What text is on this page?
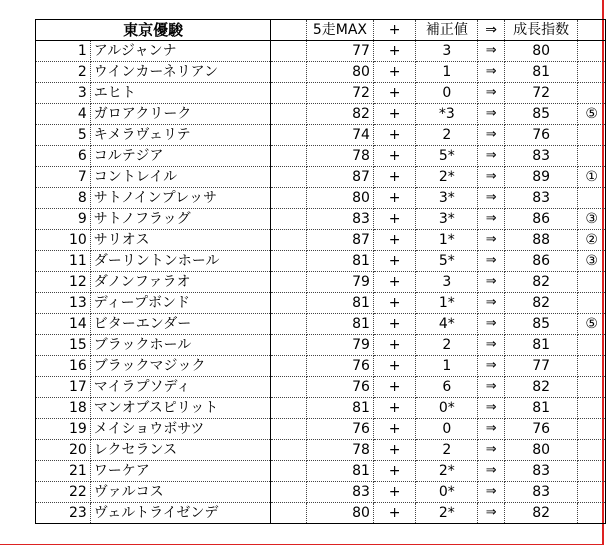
東京優駿			5走MAX	+	補正値	⇒	成長指数	
1	アルジャンナ		77	+	3	⇒	80	
2	ウインカーネリアン		80	+	1	⇒	81	
3	エヒト		72	+	0	⇒	72	
4	ガロアクリーク		82	+	*3	⇒	85	⑤
5	キメラヴェリテ		74	+	2	⇒	76	
6	コルテジア		78	+	5*	⇒	83	
7	コントレイル		87	+	2*	⇒	89	①
8	サトノインプレッサ		80	+	3*	⇒	83	
9	サトノフラッグ		83	+	3*	⇒	86	③
10	サリオス		87	+	1*	⇒	88	②
11	ダーリントンホール		81	+	5*	⇒	86	③
12	ダノンファラオ		79	+	3	⇒	82	
13	ディープボンド		81	+	1*	⇒	82	
14	ビターエンダー		81	+	4*	⇒	85	⑤
15	ブラックホール		79	+	2	⇒	81	
16	ブラックマジック		76	+	1	⇒	77	
17	マイラプソディ		76	+	6	⇒	82	
18	マンオブスピリット		81	+	0*	⇒	81	
19	メイショウボサツ		76	+	0	⇒	76	
20	レクセランス		78	+	2	⇒	80	
21	ワーケア		81	+	2*	⇒	83	
22	ヴァルコス		83	+	0*	⇒	83	
23	ヴェルトライゼンデ		80	+	2*	⇒	82	
